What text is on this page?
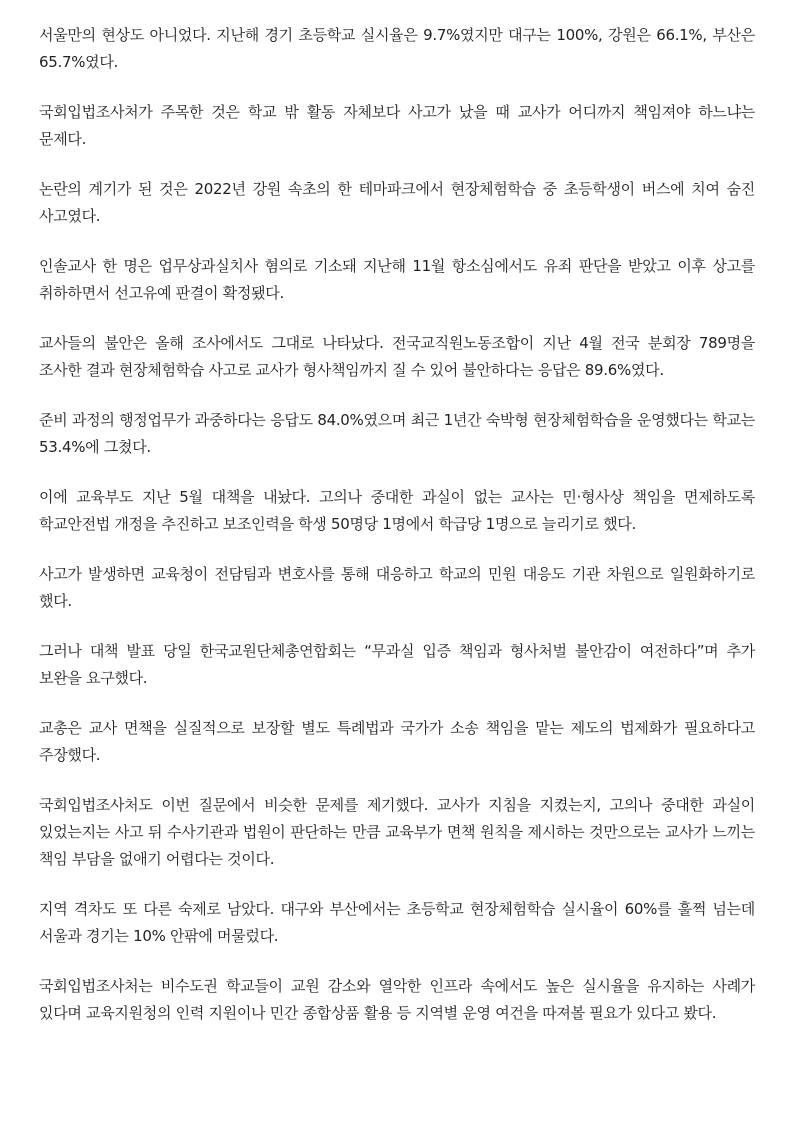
서울만의 현상도 아니었다. 지난해 경기 초등학교 실시율은 9.7%였지만 대구는 100%, 강원은 66.1%, 부산은 65.7%였다.

국회입법조사처가 주목한 것은 학교 밖 활동 자체보다 사고가 났을 때 교사가 어디까지 책임져야 하느냐는 문제다.

논란의 계기가 된 것은 2022년 강원 속초의 한 테마파크에서 현장체험학습 중 초등학생이 버스에 치여 숨진 사고였다.

인솔교사 한 명은 업무상과실치사 혐의로 기소돼 지난해 11월 항소심에서도 유죄 판단을 받았고 이후 상고를 취하하면서 선고유예 판결이 확정됐다.

교사들의 불안은 올해 조사에서도 그대로 나타났다. 전국교직원노동조합이 지난 4월 전국 분회장 789명을 조사한 결과 현장체험학습 사고로 교사가 형사책임까지 질 수 있어 불안하다는 응답은 89.6%였다.

준비 과정의 행정업무가 과중하다는 응답도 84.0%였으며 최근 1년간 숙박형 현장체험학습을 운영했다는 학교는 53.4%에 그쳤다.

이에 교육부도 지난 5월 대책을 내놨다. 고의나 중대한 과실이 없는 교사는 민·형사상 책임을 면제하도록 학교안전법 개정을 추진하고 보조인력을 학생 50명당 1명에서 학급당 1명으로 늘리기로 했다.

사고가 발생하면 교육청이 전담팀과 변호사를 통해 대응하고 학교의 민원 대응도 기관 차원으로 일원화하기로 했다.

그러나 대책 발표 당일 한국교원단체총연합회는 “무과실 입증 책임과 형사처벌 불안감이 여전하다”며 추가 보완을 요구했다.

교총은 교사 면책을 실질적으로 보장할 별도 특례법과 국가가 소송 책임을 맡는 제도의 법제화가 필요하다고 주장했다.

국회입법조사처도 이번 질문에서 비슷한 문제를 제기했다. 교사가 지침을 지켰는지, 고의나 중대한 과실이 있었는지는 사고 뒤 수사기관과 법원이 판단하는 만큼 교육부가 면책 원칙을 제시하는 것만으로는 교사가 느끼는 책임 부담을 없애기 어렵다는 것이다.

지역 격차도 또 다른 숙제로 남았다. 대구와 부산에서는 초등학교 현장체험학습 실시율이 60%를 훌쩍 넘는데 서울과 경기는 10% 안팎에 머물렀다.

국회입법조사처는 비수도권 학교들이 교원 감소와 열악한 인프라 속에서도 높은 실시율을 유지하는 사례가 있다며 교육지원청의 인력 지원이나 민간 종합상품 활용 등 지역별 운영 여건을 따져볼 필요가 있다고 봤다.
